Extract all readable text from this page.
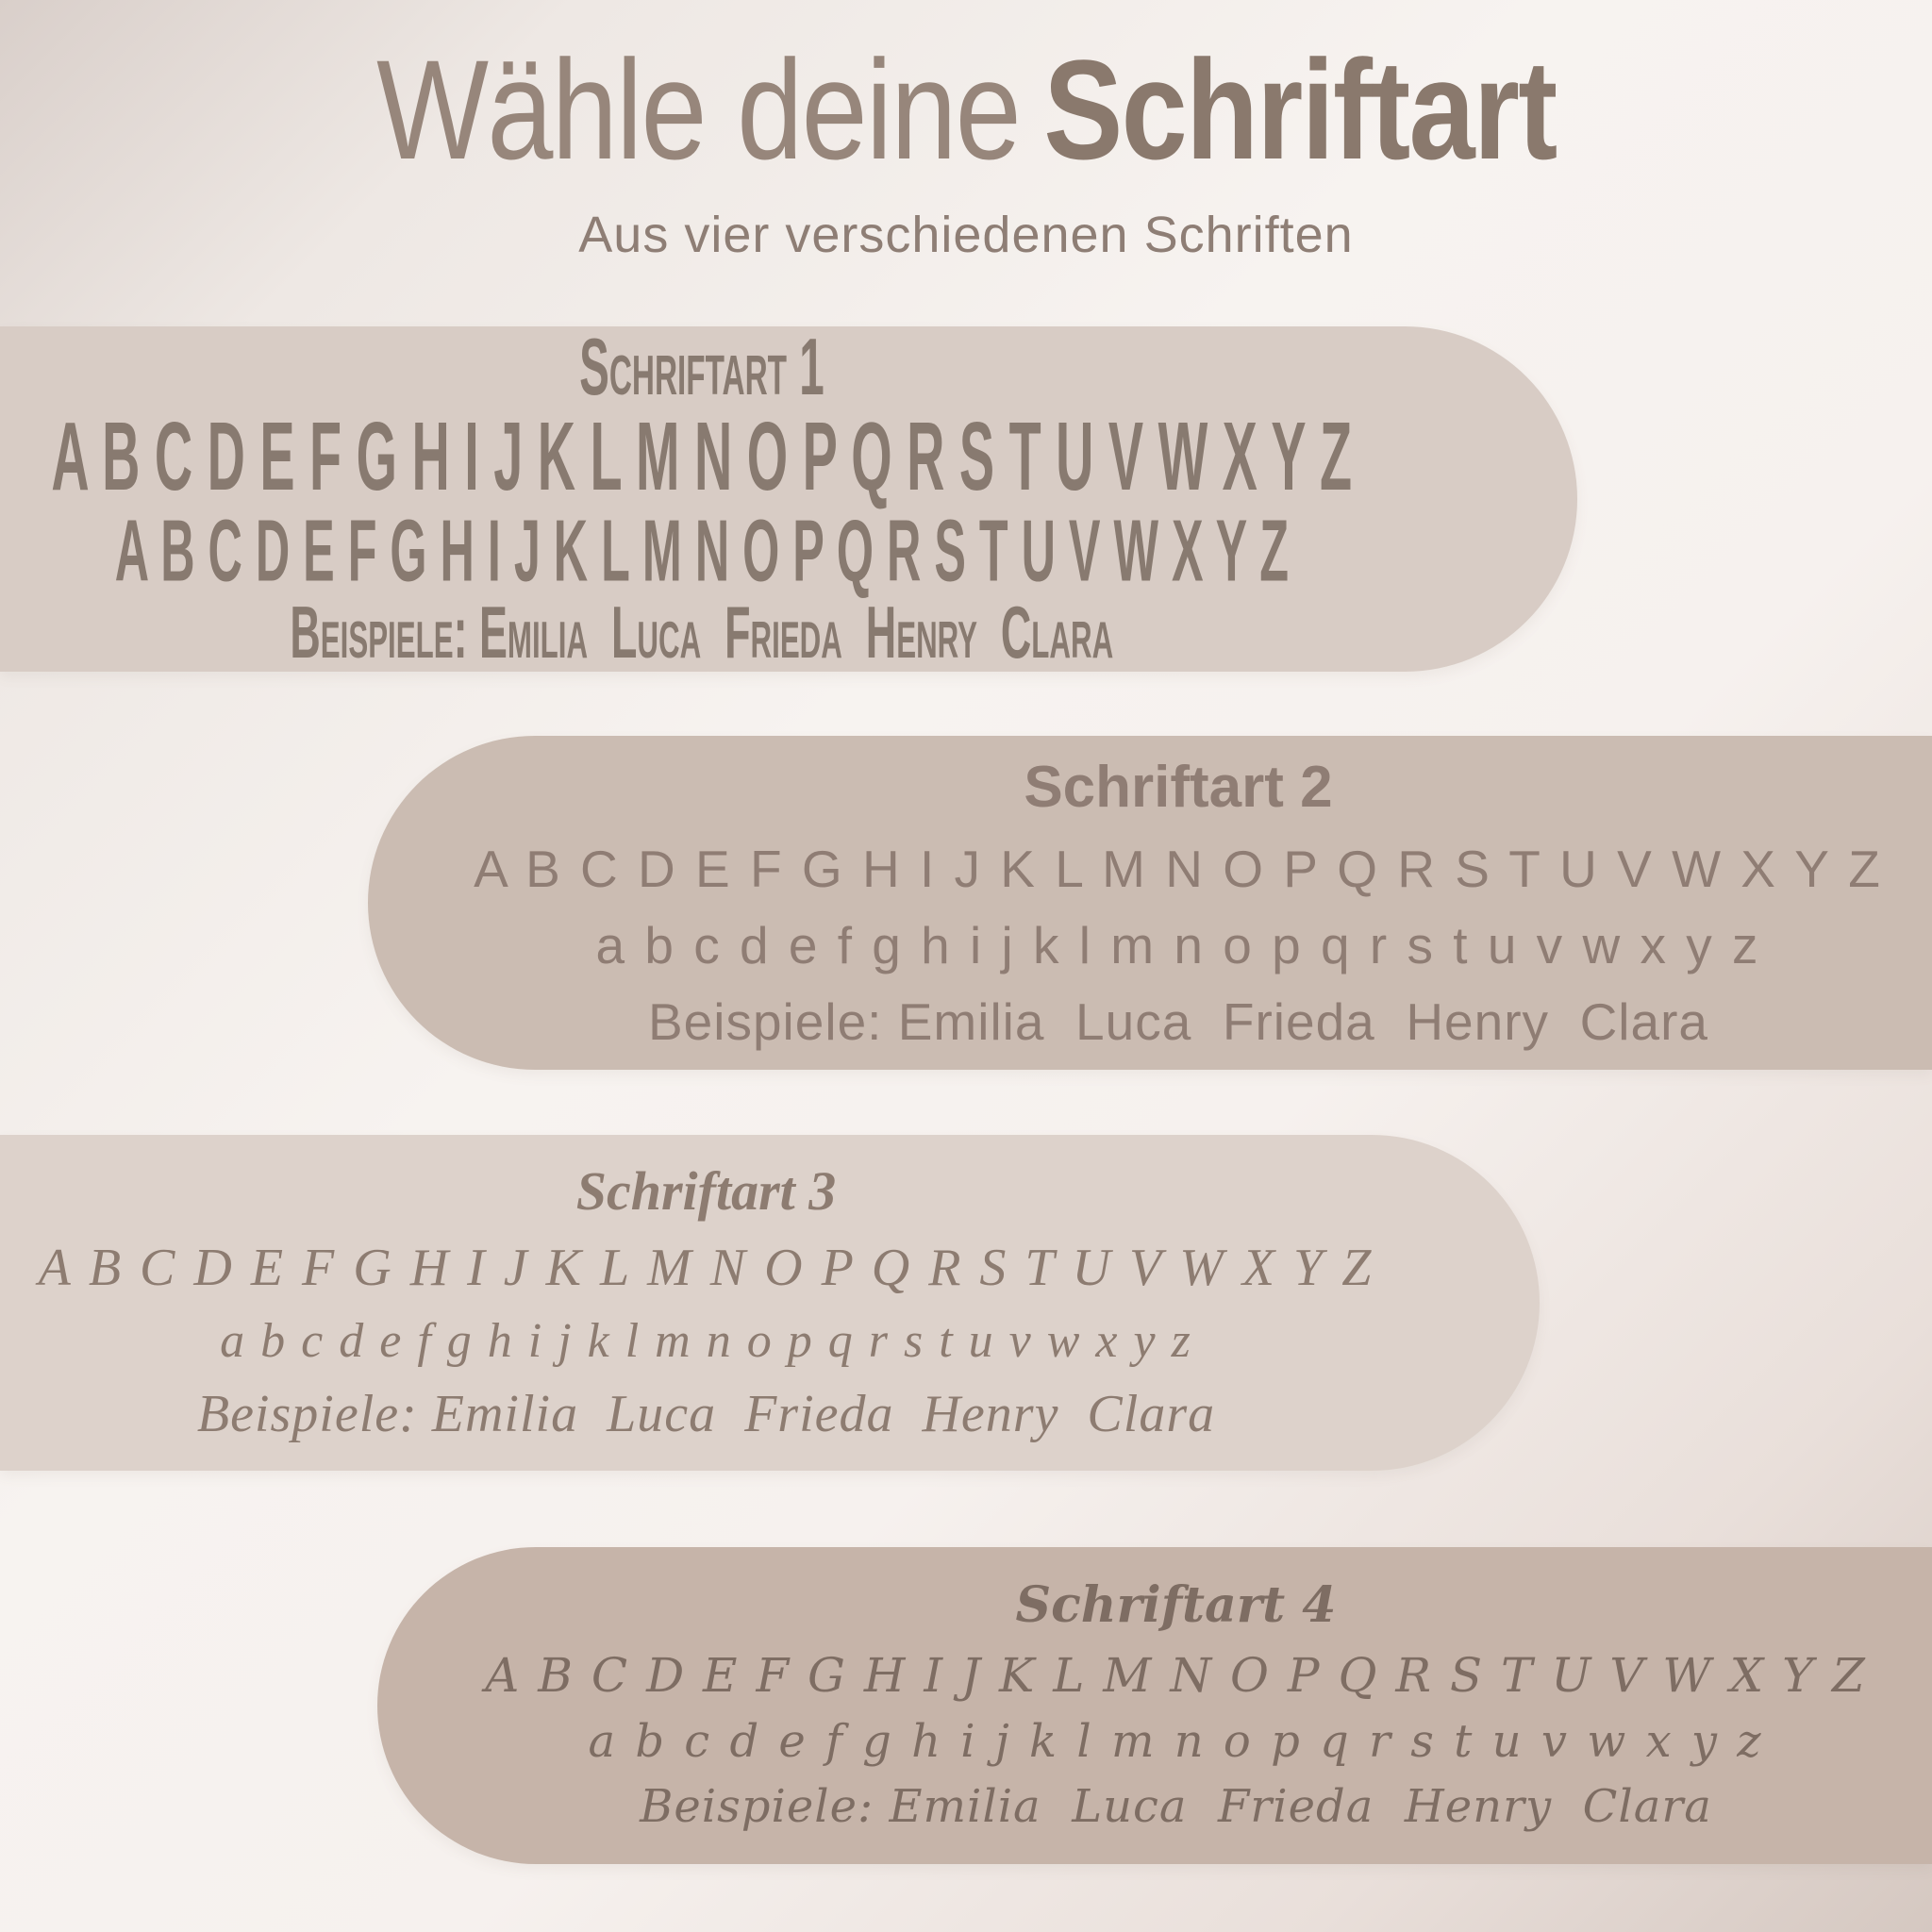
Wähle deine Schriftart

Aus vier verschiedenen Schriften

Schriftart 1
A B C D E F G H I J K L M N O P Q R S T U V W X Y Z
A B C D E F G H I J K L M N O P Q R S T U V W X Y Z
Beispiele: Emilia  Luca  Frieda  Henry  Clara
Schriftart 2
A B C D E F G H I J K L M N O P Q R S T U V W X Y Z
a b c d e f g h i j k l m n o p q r s t u v w x y z
Beispiele: Emilia  Luca  Frieda  Henry  Clara
Schriftart 3
A B C D E F G H I J K L M N O P Q R S T U V W X Y Z
a b c d e f g h i j k l m n o p q r s t u v w x y z
Beispiele: Emilia  Luca  Frieda  Henry  Clara
Schriftart 4
A B C D E F G H I J K L M N O P Q R S T U V W X Y Z
a b c d e f g h i j k l m n o p q r s t u v w x y z
Beispiele: Emilia  Luca  Frieda  Henry  Clara
